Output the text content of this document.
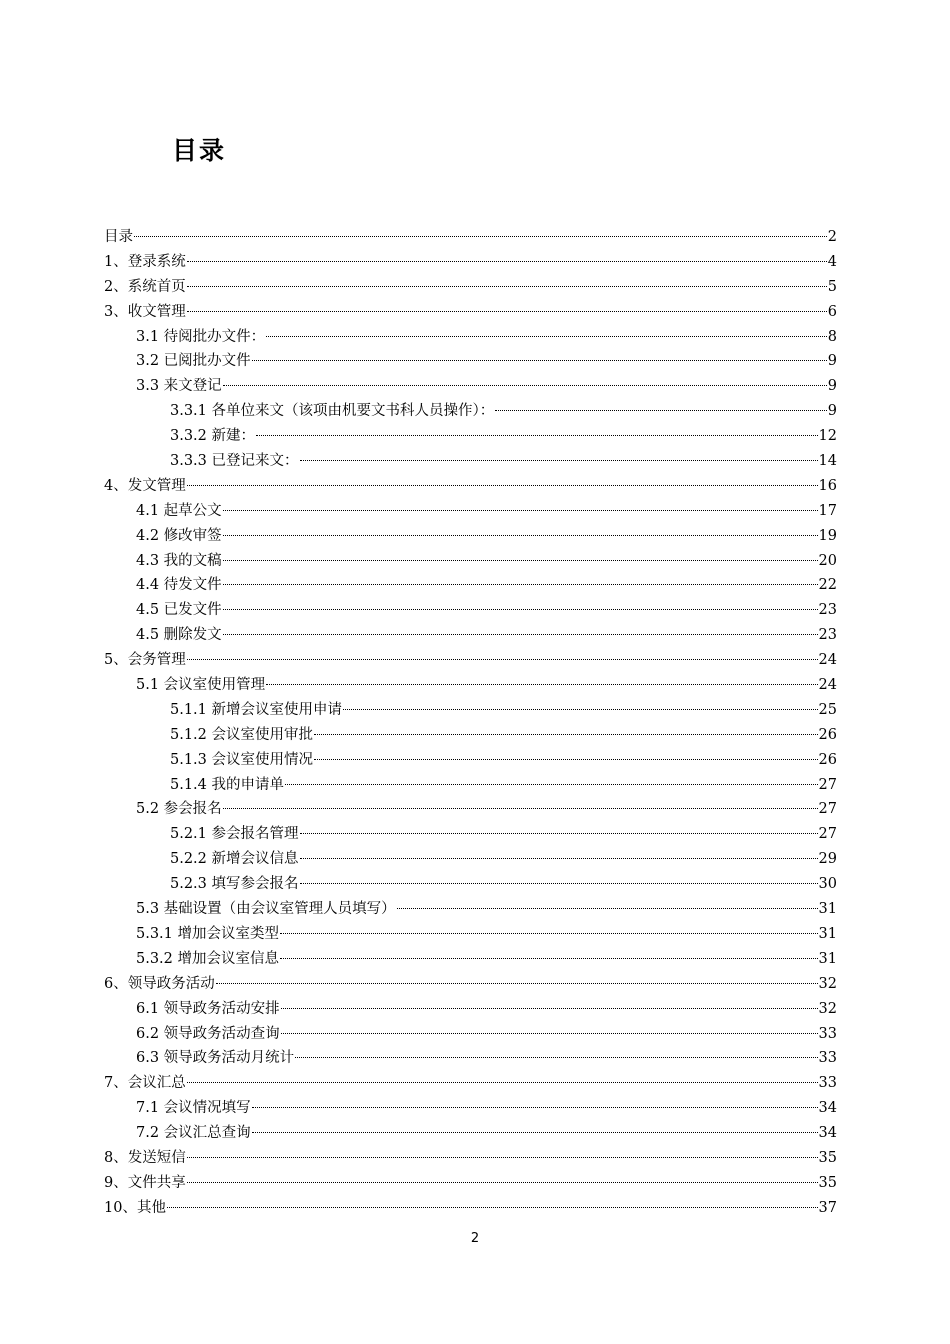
目录
目录	2
1、登录系统	4
2、系统首页	5
3、收文管理	6
3.1 待阅批办文件：	8
3.2 已阅批办文件	9
3.3 来文登记	9
3.3.1 各单位来文（该项由机要文书科人员操作）：	9
3.3.2 新建：	12
3.3.3 已登记来文：	14
4、发文管理	16
4.1 起草公文	17
4.2 修改审签	19
4.3 我的文稿	20
4.4 待发文件	22
4.5 已发文件	23
4.5 删除发文	23
5、会务管理	24
5.1 会议室使用管理	24
5.1.1 新增会议室使用申请	25
5.1.2 会议室使用审批	26
5.1.3 会议室使用情况	26
5.1.4 我的申请单	27
5.2 参会报名	27
5.2.1 参会报名管理	27
5.2.2 新增会议信息	29
5.2.3 填写参会报名	30
5.3 基础设置（由会议室管理人员填写）	31
5.3.1 增加会议室类型	31
5.3.2 增加会议室信息	31
6、领导政务活动	32
6.1 领导政务活动安排	32
6.2 领导政务活动查询	33
6.3 领导政务活动月统计	33
7、会议汇总	33
7.1 会议情况填写	34
7.2 会议汇总查询	34
8、发送短信	35
9、文件共享	35
10、其他	37
2
